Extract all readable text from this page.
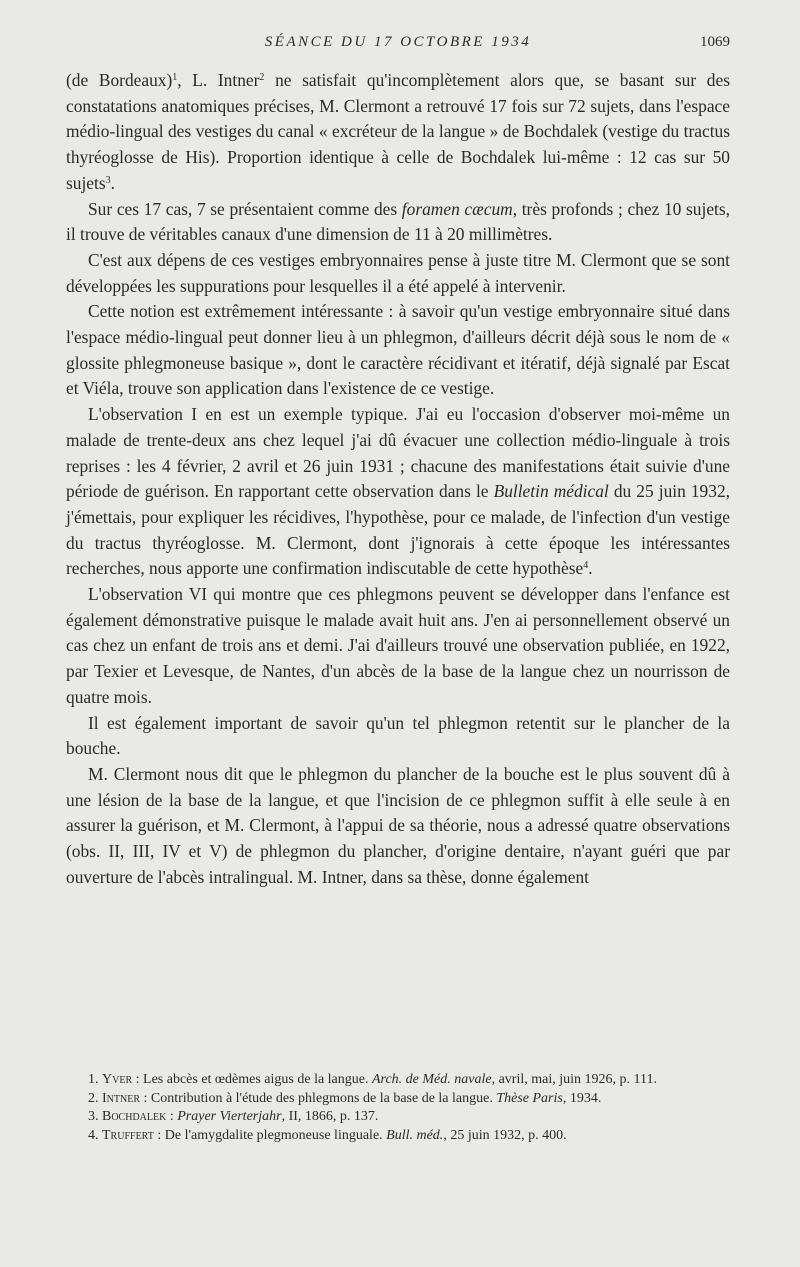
SÉANCE DU 17 OCTOBRE 1934	1069

(de Bordeaux)$^1$, L. Intner$^2$ ne satisfait qu'incomplètement alors que, se basant sur des constatations anatomiques précises, M. Clermont a retrouvé 17 fois sur 72 sujets, dans l'espace médio-lingual des vestiges du canal « excréteur de la langue » de Bochdalek (vestige du tractus thyréoglosse de His). Proportion identique à celle de Bochdalek lui-même : 12 cas sur 50 sujets$^3$.

Sur ces 17 cas, 7 se présentaient comme des foramen cæcum, très profonds ; chez 10 sujets, il trouve de véritables canaux d'une dimension de 11 à 20 millimètres.

C'est aux dépens de ces vestiges embryonnaires pense à juste titre M. Clermont que se sont développées les suppurations pour lesquelles il a été appelé à intervenir.

Cette notion est extrêmement intéressante : à savoir qu'un vestige embryonnaire situé dans l'espace médio-lingual peut donner lieu à un phlegmon, d'ailleurs décrit déjà sous le nom de « glossite phlegmoneuse basique », dont le caractère récidivant et itératif, déjà signalé par Escat et Viéla, trouve son application dans l'existence de ce vestige.

L'observation I en est un exemple typique. J'ai eu l'occasion d'observer moi-même un malade de trente-deux ans chez lequel j'ai dû évacuer une collection médio-linguale à trois reprises : les 4 février, 2 avril et 26 juin 1931 ; chacune des manifestations était suivie d'une période de guérison. En rapportant cette observation dans le Bulletin médical du 25 juin 1932, j'émettais, pour expliquer les récidives, l'hypothèse, pour ce malade, de l'infection d'un vestige du tractus thyréoglosse. M. Clermont, dont j'ignorais à cette époque les intéressantes recherches, nous apporte une confirmation indiscutable de cette hypothèse$^4$.

L'observation VI qui montre que ces phlegmons peuvent se développer dans l'enfance est également démonstrative puisque le malade avait huit ans. J'en ai personnellement observé un cas chez un enfant de trois ans et demi. J'ai d'ailleurs trouvé une observation publiée, en 1922, par Texier et Levesque, de Nantes, d'un abcès de la base de la langue chez un nourrisson de quatre mois.

Il est également important de savoir qu'un tel phlegmon retentit sur le plancher de la bouche.

M. Clermont nous dit que le phlegmon du plancher de la bouche est le plus souvent dû à une lésion de la base de la langue, et que l'incision de ce phlegmon suffit à elle seule à en assurer la guérison, et M. Clermont, à l'appui de sa théorie, nous a adressé quatre observations (obs. II, III, IV et V) de phlegmon du plancher, d'origine dentaire, n'ayant guéri que par ouverture de l'abcès intralingual. M. Intner, dans sa thèse, donne également

1. Yver : Les abcès et œdèmes aigus de la langue. Arch. de Méd. navale, avril, mai, juin 1926, p. 111.

2. Intner : Contribution à l'étude des phlegmons de la base de la langue. Thèse Paris, 1934.

3. Bochdalek : Prayer Vierterjahr, II, 1866, p. 137.

4. Truffert : De l'amygdalite plegmoneuse linguale. Bull. méd., 25 juin 1932, p. 400.
